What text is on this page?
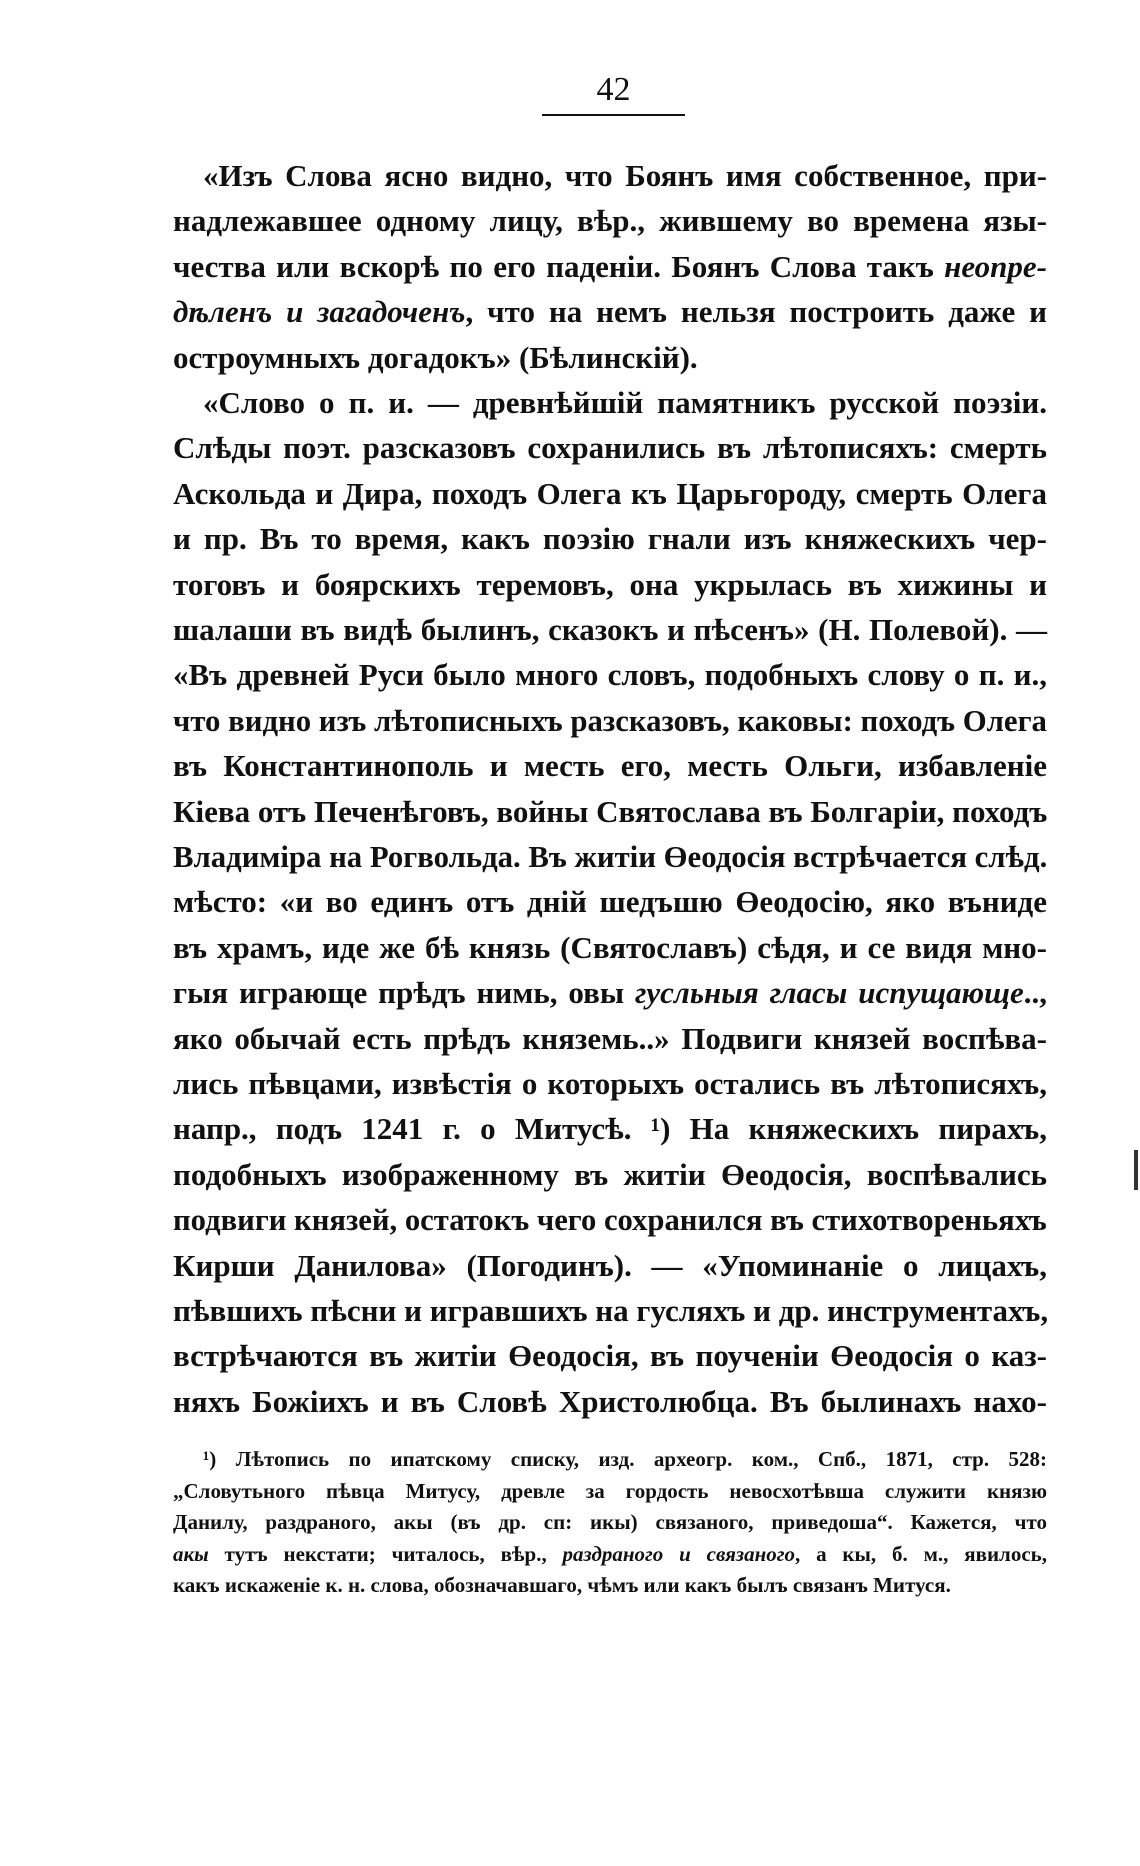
42
«Изъ Слова ясно видно, что Боянъ имя собственное, при-
надлежавшее одному лицу, вѣр., жившему во времена язы-
чества или вскорѣ по его паденіи. Боянъ Слова такъ неопре-
дѣленъ и загадоченъ, что на немъ нельзя построить даже и
остроумныхъ догадокъ» (Бѣлинскій).
«Слово о п. и. — древнѣйшій памятникъ русской поэзіи.
Слѣды поэт. разсказовъ сохранились въ лѣтописяхъ: смерть
Аскольда и Дира, походъ Олега къ Царьгороду, смерть Олега
и пр. Въ то время, какъ поэзію гнали изъ княжескихъ чер-
тоговъ и боярскихъ теремовъ, она укрылась въ хижины и
шалаши въ видѣ былинъ, сказокъ и пѣсенъ» (Н. Полевой). —
«Въ древней Руси было много словъ, подобныхъ слову о п. и.,
что видно изъ лѣтописныхъ разсказовъ, каковы: походъ Олега
въ Константинополь и месть его, месть Ольги, избавленіе
Кіева отъ Печенѣговъ, войны Святослава въ Болгаріи, походъ
Владиміра на Рогвольда. Въ житіи Өеодосія встрѣчается слѣд.
мѣсто: «и во единъ отъ дній шедъшю Өеодосію, яко въниде
въ храмъ, иде же бѣ князь (Святославъ) сѣдя, и се видя мно-
гыя играюще прѣдъ нимь, овы гусльныя гласы испущающе..,
яко обычай есть прѣдъ княземь..» Подвиги князей воспѣва-
лись пѣвцами, извѣстія о которыхъ остались въ лѣтописяхъ,
напр., подъ 1241 г. о Митусѣ. ¹) На княжескихъ пирахъ,
подобныхъ изображенному въ житіи Өеодосія, воспѣвались
подвиги князей, остатокъ чего сохранился въ стихотвореньяхъ
Кирши Данилова» (Погодинъ). — «Упоминаніе о лицахъ,
пѣвшихъ пѣсни и игравшихъ на гусляхъ и др. инструментахъ,
встрѣчаются въ житіи Өеодосія, въ поученіи Өеодосія о каз-
няхъ Божіихъ и въ Словѣ Христолюбца. Въ былинахъ нахо-
¹) Лѣтопись по ипатскому списку, изд. археогр. ком., Спб., 1871, стр. 528:
„Словутьного пѣвца Митусу, древле за гордость невосхотѣвша служити князю
Данилу, раздраного, акы (въ др. сп: икы) связаного, приведоша“. Кажется, что
акы тутъ некстати; читалось, вѣр., раздраного и связаного, а кы, б. м., явилось,
какъ искаженіе к. н. слова, обозначавшаго, чѣмъ или какъ былъ связанъ Митуся.
